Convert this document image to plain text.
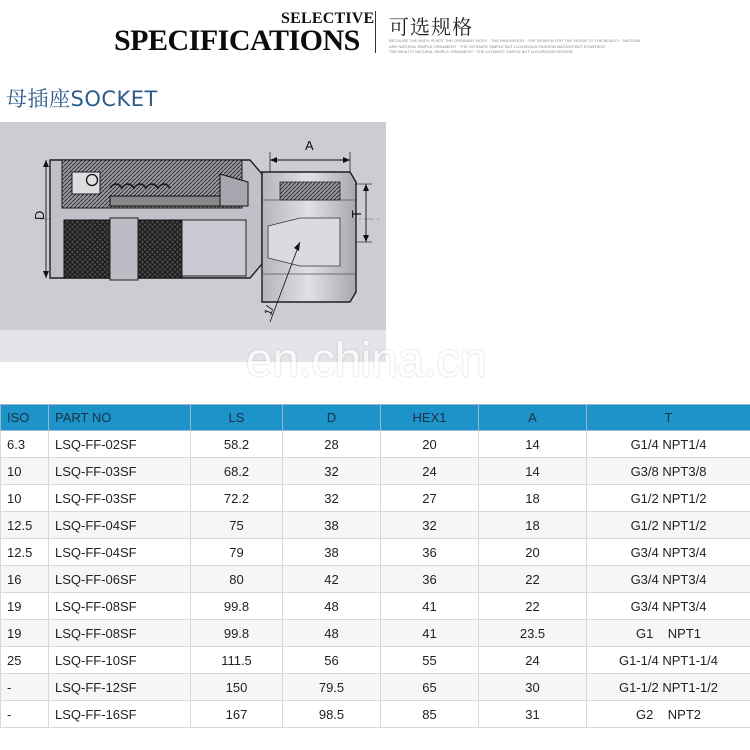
SELECTIVE
SPECIFICATIONS 可选规格
BECAUSE THE BODY IS NOT THE ORDINARY BODY · THE INNOVATION · THE SEARCH FOR THE VISION TO THE BEAUTY · NATURAL
ARE NATURAL SIMPLE ORNAMENT · THE ULTIMATE SIMPLE BUT LUXURIOUS FASHION MASSES BUT ECNEDENT
THE BEAUTY NATURAL SIMPLE ORNAMENT · THE ULTIMATE SIMPLE BUT LUXURIOUS FASHION
母插座SOCKET
A
D	T
1/
en.china.cn
ISO	PART NO	LS	D	HEX1	A	T
6.3	LSQ-FF-02SF	58.2	28	20	14	G1/4 NPT1/4
10	LSQ-FF-03SF	68.2	32	24	14	G3/8 NPT3/8
10	LSQ-FF-03SF	72.2	32	27	18	G1/2 NPT1/2
12.5	LSQ-FF-04SF	75	38	32	18	G1/2 NPT1/2
12.5	LSQ-FF-04SF	79	38	36	20	G3/4 NPT3/4
16	LSQ-FF-06SF	80	42	36	22	G3/4 NPT3/4
19	LSQ-FF-08SF	99.8	48	41	22	G3/4 NPT3/4
19	LSQ-FF-08SF	99.8	48	41	23.5	G1    NPT1
25	LSQ-FF-10SF	111.5	56	55	24	G1-1/4 NPT1-1/4
-	LSQ-FF-12SF	150	79.5	65	30	G1-1/2 NPT1-1/2
-	LSQ-FF-16SF	167	98.5	85	31	G2    NPT2
